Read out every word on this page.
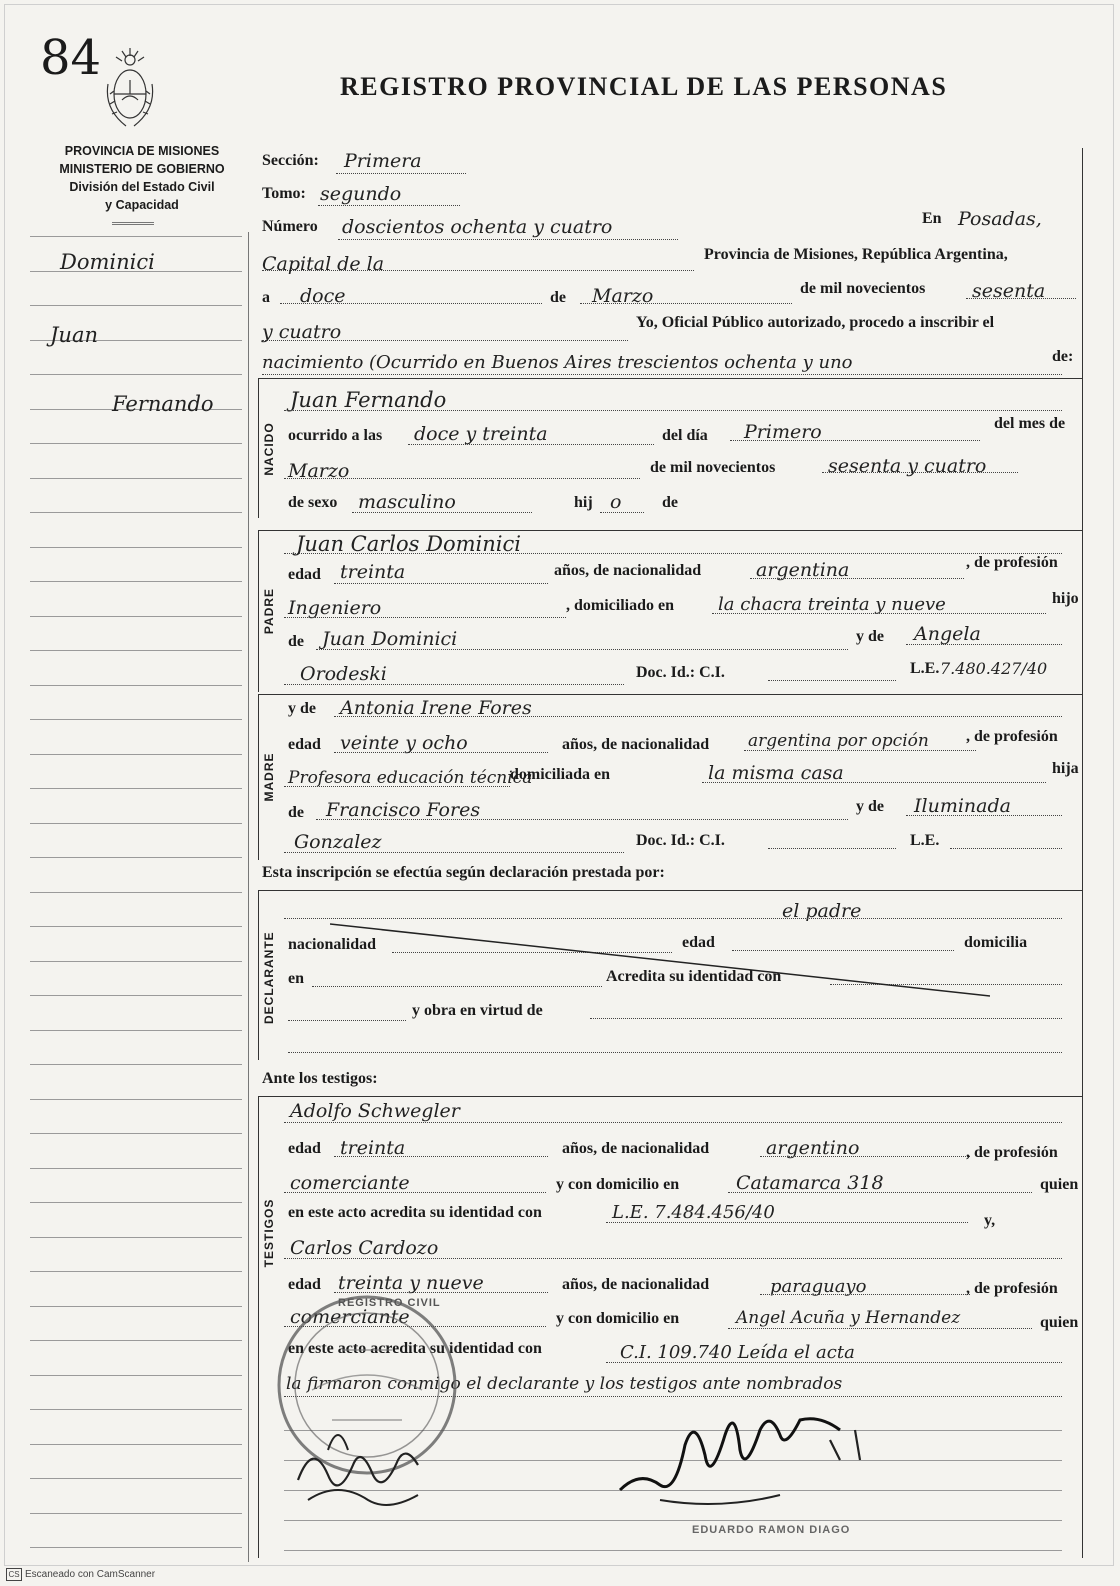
84
REGISTRO PROVINCIAL DE LAS PERSONAS
PROVINCIA DE MISIONES
MINISTERIO DE GOBIERNO
División del Estado Civil
y Capacidad
Dominici
Juan
Fernando
Sección: Primera
Tomo: segundo
Número doscientos ochenta y cuatro	En Posadas,
Capital de la	Provincia de Misiones, República Argentina,
a doce	de Marzo	de mil novecientos sesenta
y cuatro	Yo, Oficial Público autorizado, procedo a inscribir el
nacimiento (Ocurrido en Buenos Aires trescientos ochenta y uno	de:
NACIDO
Juan Fernando
ocurrido a las doce y treinta	del día Primero	del mes de
Marzo	de mil novecientos	sesenta y cuatro
de sexo masculino	hij o	de
PADRE
Juan Carlos Dominici
edad treinta	años, de nacionalidad	argentina	, de profesión
Ingeniero	, domiciliado en la chacra treinta y nueve	hijo
de Juan Dominici	y de Angela
Orodeski	Doc. Id.: C.I.	L.E. 7.480.427/40
MADRE
y de Antonia Irene Fores
edad veinte y ocho	años, de nacionalidad argentina por opción , de profesión
Profesora educación técnica
domiciliada en	la misma casa	hija
de Francisco Fores	y de Iluminada
Gonzalez	Doc. Id.: C.I.	L.E.
Esta inscripción se efectúa según declaración prestada por:
DECLARANTE
el padre
nacionalidad	edad	domicilia
en	Acredita su identidad con
y obra en virtud de
Ante los testigos:
TESTIGOS
Adolfo Schwegler
edad treinta	años, de nacionalidad	argentino	, de profesión
comerciante	y con domicilio en	Catamarca 318	quien
en este acto acredita su identidad con	L.E. 7.484.456/40	y,
Carlos Cardozo
edad treinta y nueve	años, de nacionalidad	paraguayo	, de profesión
comerciante	y con domicilio en	Angel Acuña y Hernandez	quien
en este acto acredita su identidad con	C.I. 109.740 Leída el acta
la firmaron conmigo el declarante y los testigos ante nombrados
REGISTRO CIVIL
EDUARDO RAMON DIAGO
CS Escaneado con CamScanner
